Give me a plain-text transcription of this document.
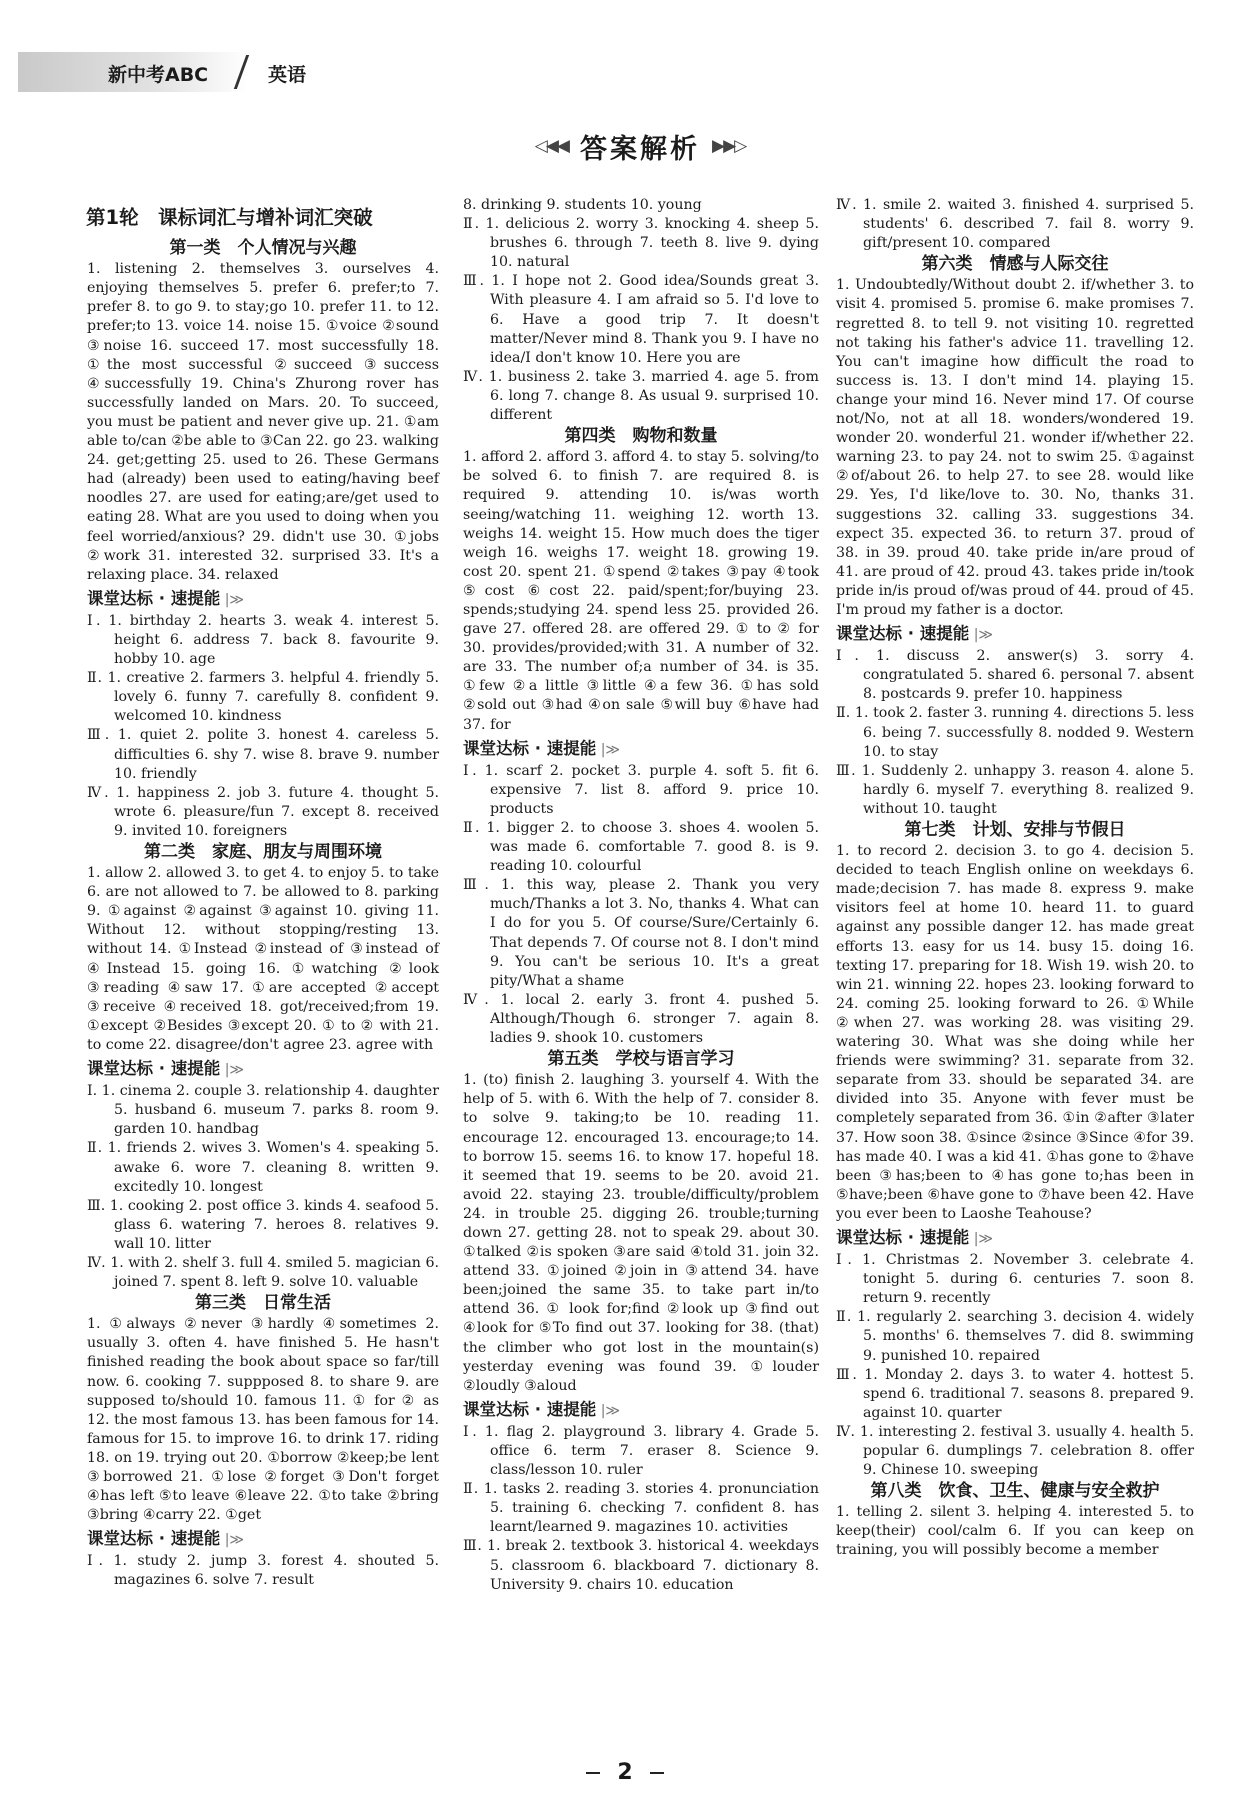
新中考ABC	英语
◁◀◀ 答案解析 ▶▶▷
第1轮　课标词汇与增补词汇突破
第一类　个人情况与兴趣
1. listening 2. themselves 3. ourselves 4. enjoying themselves 5. prefer 6. prefer;to 7. prefer 8. to go 9. to stay;go 10. prefer 11. to 12. prefer;to 13. voice 14. noise 15. ①voice ②sound ③noise 16. succeed 17. most successfully 18. ①the most successful ②succeed ③success ④successfully 19. China's Zhurong rover has successfully landed on Mars. 20. To succeed, you must be patient and never give up. 21. ①am able to/can ②be able to ③Can 22. go 23. walking 24. get;getting 25. used to 26. These Germans had (already) been used to eating/having beef noodles 27. are used for eating;are/get used to eating 28. What are you used to doing when you feel worried/anxious? 29. didn't use 30. ①jobs ②work 31. interested 32. surprised 33. It's a relaxing place. 34. relaxed
课堂达标 · 速提能 |≫
Ⅰ. 1. birthday 2. hearts 3. weak 4. interest 5. height 6. address 7. back 8. favourite 9. hobby 10. age
Ⅱ. 1. creative 2. farmers 3. helpful 4. friendly 5. lovely 6. funny 7. carefully 8. confident 9. welcomed 10. kindness
Ⅲ. 1. quiet 2. polite 3. honest 4. careless 5. difficulties 6. shy 7. wise 8. brave 9. number 10. friendly
Ⅳ. 1. happiness 2. job 3. future 4. thought 5. wrote 6. pleasure/fun 7. except 8. received 9. invited 10. foreigners
第二类　家庭、朋友与周围环境
1. allow 2. allowed 3. to get 4. to enjoy 5. to take 6. are not allowed to 7. be allowed to 8. parking 9. ①against ②against ③against 10. giving 11. Without 12. without stopping/resting 13. without 14. ①Instead ②instead of ③instead of ④Instead 15. going 16. ①watching ②look ③reading ④saw 17. ①are accepted ②accept ③receive ④received 18. got/received;from 19. ①except ②Besides ③except 20. ① to ② with 21. to come 22. disagree/don't agree 23. agree with
课堂达标 · 速提能 |≫
Ⅰ. 1. cinema 2. couple 3. relationship 4. daughter 5. husband 6. museum 7. parks 8. room 9. garden 10. handbag
Ⅱ. 1. friends 2. wives 3. Women's 4. speaking 5. awake 6. wore 7. cleaning 8. written 9. excitedly 10. longest
Ⅲ. 1. cooking 2. post office 3. kinds 4. seafood 5. glass 6. watering 7. heroes 8. relatives 9. wall 10. litter
Ⅳ. 1. with 2. shelf 3. full 4. smiled 5. magician 6. joined 7. spent 8. left 9. solve 10. valuable
第三类　日常生活
1. ①always ②never ③hardly ④sometimes 2. usually 3. often 4. have finished 5. He hasn't finished reading the book about space so far/till now. 6. cooking 7. suppposed 8. to share 9. are supposed to/should 10. famous 11. ① for ② as 12. the most famous 13. has been famous for 14. famous for 15. to improve 16. to drink 17. riding 18. on 19. trying out 20. ①borrow ②keep;be lent ③borrowed 21. ①lose ②forget ③Don't forget ④has left ⑤to leave ⑥leave 22. ①to take ②bring ③bring ④carry 22. ①get
课堂达标 · 速提能 |≫
Ⅰ. 1. study 2. jump 3. forest 4. shouted 5. magazines 6. solve 7. result
8. drinking 9. students 10. young
Ⅱ. 1. delicious 2. worry 3. knocking 4. sheep 5. brushes 6. through 7. teeth 8. live 9. dying 10. natural
Ⅲ. 1. I hope not 2. Good idea/Sounds great 3. With pleasure 4. I am afraid so 5. I'd love to 6. Have a good trip 7. It doesn't matter/Never mind 8. Thank you 9. I have no idea/I don't know 10. Here you are
Ⅳ. 1. business 2. take 3. married 4. age 5. from 6. long 7. change 8. As usual 9. surprised 10. different
第四类　购物和数量
1. afford 2. afford 3. afford 4. to stay 5. solving/to be solved 6. to finish 7. are required 8. is required 9. attending 10. is/was worth seeing/watching 11. weighing 12. worth 13. weighs 14. weight 15. How much does the tiger weigh 16. weighs 17. weight 18. growing 19. cost 20. spent 21. ①spend ②takes ③pay ④took ⑤cost ⑥cost 22. paid/spent;for/buying 23. spends;studying 24. spend less 25. provided 26. gave 27. offered 28. are offered 29. ① to ② for 30. provides/provided;with 31. A number of 32. are 33. The number of;a number of 34. is 35. ①few ②a little ③little ④a few 36. ①has sold ②sold out ③had ④on sale ⑤will buy ⑥have had 37. for
课堂达标 · 速提能 |≫
Ⅰ. 1. scarf 2. pocket 3. purple 4. soft 5. fit 6. expensive 7. list 8. afford 9. price 10. products
Ⅱ. 1. bigger 2. to choose 3. shoes 4. woolen 5. was made 6. comfortable 7. good 8. is 9. reading 10. colourful
Ⅲ. 1. this way, please 2. Thank you very much/Thanks a lot 3. No, thanks 4. What can I do for you 5. Of course/Sure/Certainly 6. That depends 7. Of course not 8. I don't mind 9. You can't be serious 10. It's a great pity/What a shame
Ⅳ. 1. local 2. early 3. front 4. pushed 5. Although/Though 6. stronger 7. again 8. ladies 9. shook 10. customers
第五类　学校与语言学习
1. (to) finish 2. laughing 3. yourself 4. With the help of 5. with 6. With the help of 7. consider 8. to solve 9. taking;to be 10. reading 11. encourage 12. encouraged 13. encourage;to 14. to borrow 15. seems 16. to know 17. hopeful 18. it seemed that 19. seems to be 20. avoid 21. avoid 22. staying 23. trouble/difficulty/problem 24. in trouble 25. digging 26. trouble;turning down 27. getting 28. not to speak 29. about 30. ①talked ②is spoken ③are said ④told 31. join 32. attend 33. ①joined ②join in ③attend 34. have been;joined the same 35. to take part in/to attend 36. ① look for;find ②look up ③find out ④look for ⑤To find out 37. looking for 38. (that) the climber who got lost in the mountain(s) yesterday evening was found 39. ①louder ②loudly ③aloud
课堂达标 · 速提能 |≫
Ⅰ. 1. flag 2. playground 3. library 4. Grade 5. office 6. term 7. eraser 8. Science 9. class/lesson 10. ruler
Ⅱ. 1. tasks 2. reading 3. stories 4. pronunciation 5. training 6. checking 7. confident 8. has learnt/learned 9. magazines 10. activities
Ⅲ. 1. break 2. textbook 3. historical 4. weekdays 5. classroom 6. blackboard 7. dictionary 8. University 9. chairs 10. education
Ⅳ. 1. smile 2. waited 3. finished 4. surprised 5. students' 6. described 7. fail 8. worry 9. gift/present 10. compared
第六类　情感与人际交往
1. Undoubtedly/Without doubt 2. if/whether 3. to visit 4. promised 5. promise 6. make promises 7. regretted 8. to tell 9. not visiting 10. regretted not taking his father's advice 11. travelling 12. You can't imagine how difficult the road to success is. 13. I don't mind 14. playing 15. change your mind 16. Never mind 17. Of course not/No, not at all 18. wonders/wondered 19. wonder 20. wonderful 21. wonder if/whether 22. warning 23. to pay 24. not to swim 25. ①against ②of/about 26. to help 27. to see 28. would like 29. Yes, I'd like/love to. 30. No, thanks 31. suggestions 32. calling 33. suggestions 34. expect 35. expected 36. to return 37. proud of 38. in 39. proud 40. take pride in/are proud of 41. are proud of 42. proud 43. takes pride in/took pride in/is proud of/was proud of 44. proud of 45. I'm proud my father is a doctor.
课堂达标 · 速提能 |≫
Ⅰ. 1. discuss 2. answer(s) 3. sorry 4. congratulated 5. shared 6. personal 7. absent 8. postcards 9. prefer 10. happiness
Ⅱ. 1. took 2. faster 3. running 4. directions 5. less 6. being 7. successfully 8. nodded 9. Western 10. to stay
Ⅲ. 1. Suddenly 2. unhappy 3. reason 4. alone 5. hardly 6. myself 7. everything 8. realized 9. without 10. taught
第七类　计划、安排与节假日
1. to record 2. decision 3. to go 4. decision 5. decided to teach English online on weekdays 6. made;decision 7. has made 8. express 9. make visitors feel at home 10. heard 11. to guard against any possible danger 12. has made great efforts 13. easy for us 14. busy 15. doing 16. texting 17. preparing for 18. Wish 19. wish 20. to win 21. winning 22. hopes 23. looking forward to 24. coming 25. looking forward to 26. ①While ②when 27. was working 28. was visiting 29. watering 30. What was she doing while her friends were swimming? 31. separate from 32. separate from 33. should be separated 34. are divided into 35. Anyone with fever must be completely separated from 36. ①in ②after ③later 37. How soon 38. ①since ②since ③Since ④for 39. has made 40. I was a kid 41. ①has gone to ②have been ③has;been to ④has gone to;has been in ⑤have;been ⑥have gone to ⑦have been 42. Have you ever been to Laoshe Teahouse?
课堂达标 · 速提能 |≫
Ⅰ. 1. Christmas 2. November 3. celebrate 4. tonight 5. during 6. centuries 7. soon 8. return 9. recently
Ⅱ. 1. regularly 2. searching 3. decision 4. widely 5. months' 6. themselves 7. did 8. swimming 9. punished 10. repaired
Ⅲ. 1. Monday 2. days 3. to water 4. hottest 5. spend 6. traditional 7. seasons 8. prepared 9. against 10. quarter
Ⅳ. 1. interesting 2. festival 3. usually 4. health 5. popular 6. dumplings 7. celebration 8. offer 9. Chinese 10. sweeping
第八类　饮食、卫生、健康与安全救护
1. telling 2. silent 3. helping 4. interested 5. to keep(their) cool/calm 6. If you can keep on training, you will possibly become a member
2
